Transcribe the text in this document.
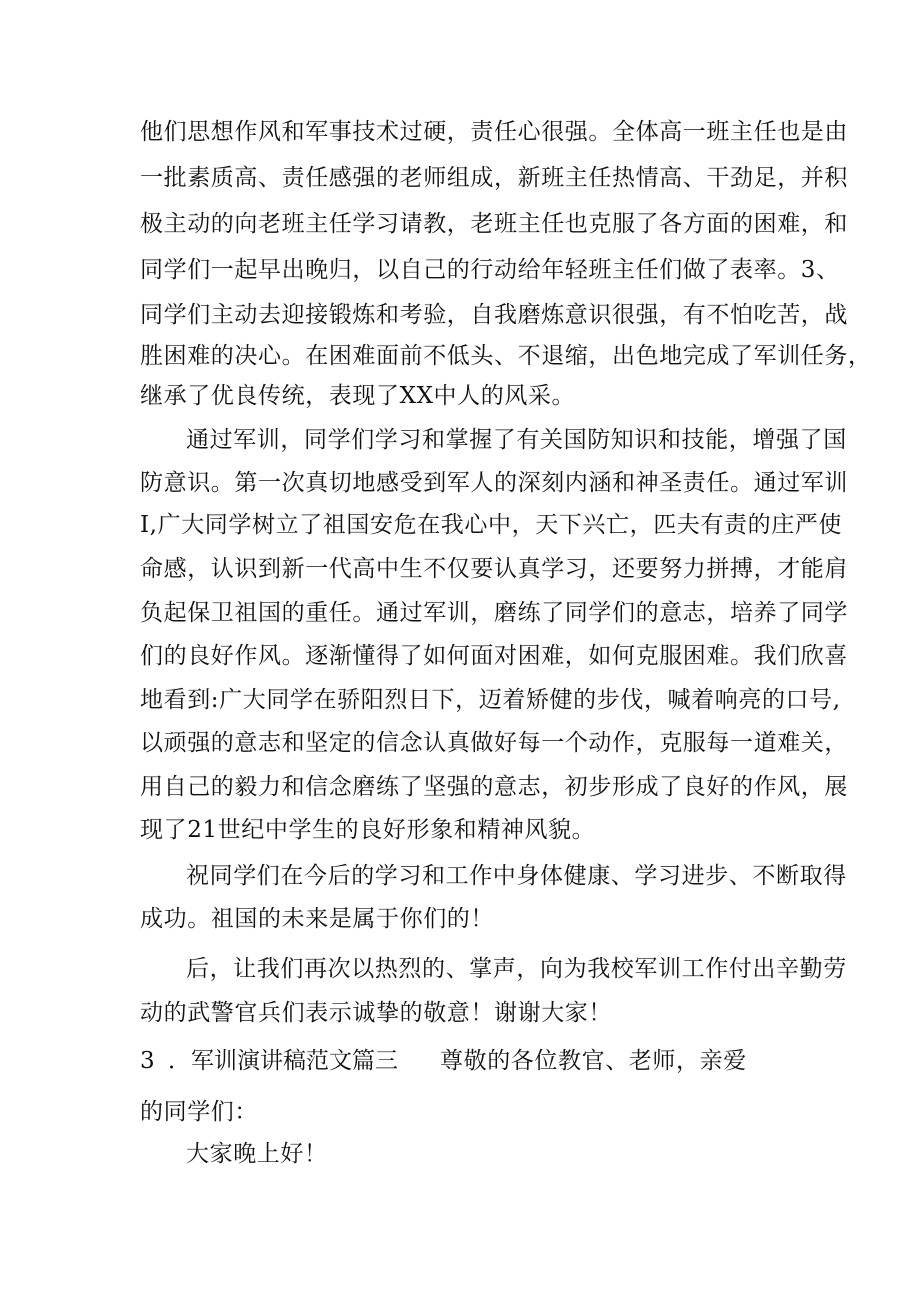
他们思想作风和军事技术过硬，责任心很强。全体高一班主任也是由
一批素质高、责任感强的老师组成，新班主任热情高、干劲足，并积
极主动的向老班主任学习请教，老班主任也克服了各方面的困难，和
同学们一起早出晚归，以自己的行动给年轻班主任们做了表率。3、
同学们主动去迎接锻炼和考验，自我磨炼意识很强，有不怕吃苦，战
胜困难的决心。在困难面前不低头、不退缩，出色地完成了军训任务，
继承了优良传统，表现了XX中人的风采。
通过军训，同学们学习和掌握了有关国防知识和技能，增强了国
防意识。第一次真切地感受到军人的深刻内涵和神圣责任。通过军训
I,广大同学树立了祖国安危在我心中，天下兴亡，匹夫有责的庄严使
命感，认识到新一代高中生不仅要认真学习，还要努力拼搏，才能肩
负起保卫祖国的重任。通过军训，磨练了同学们的意志，培养了同学
们的良好作风。逐渐懂得了如何面对困难，如何克服困难。我们欣喜
地看到:广大同学在骄阳烈日下，迈着矫健的步伐，喊着响亮的口号,
以顽强的意志和坚定的信念认真做好每一个动作，克服每一道难关，
用自己的毅力和信念磨练了坚强的意志，初步形成了良好的作风，展
现了21世纪中学生的良好形象和精神风貌。
祝同学们在今后的学习和工作中身体健康、学习进步、不断取得
成功。祖国的未来是属于你们的！
后，让我们再次以热烈的、掌声，向为我校军训工作付出辛勤劳
动的武警官兵们表示诚挚的敬意！谢谢大家！
3 ．军训演讲稿范文篇三 尊敬的各位教官、老师，亲爱
的同学们：
大家晚上好！
